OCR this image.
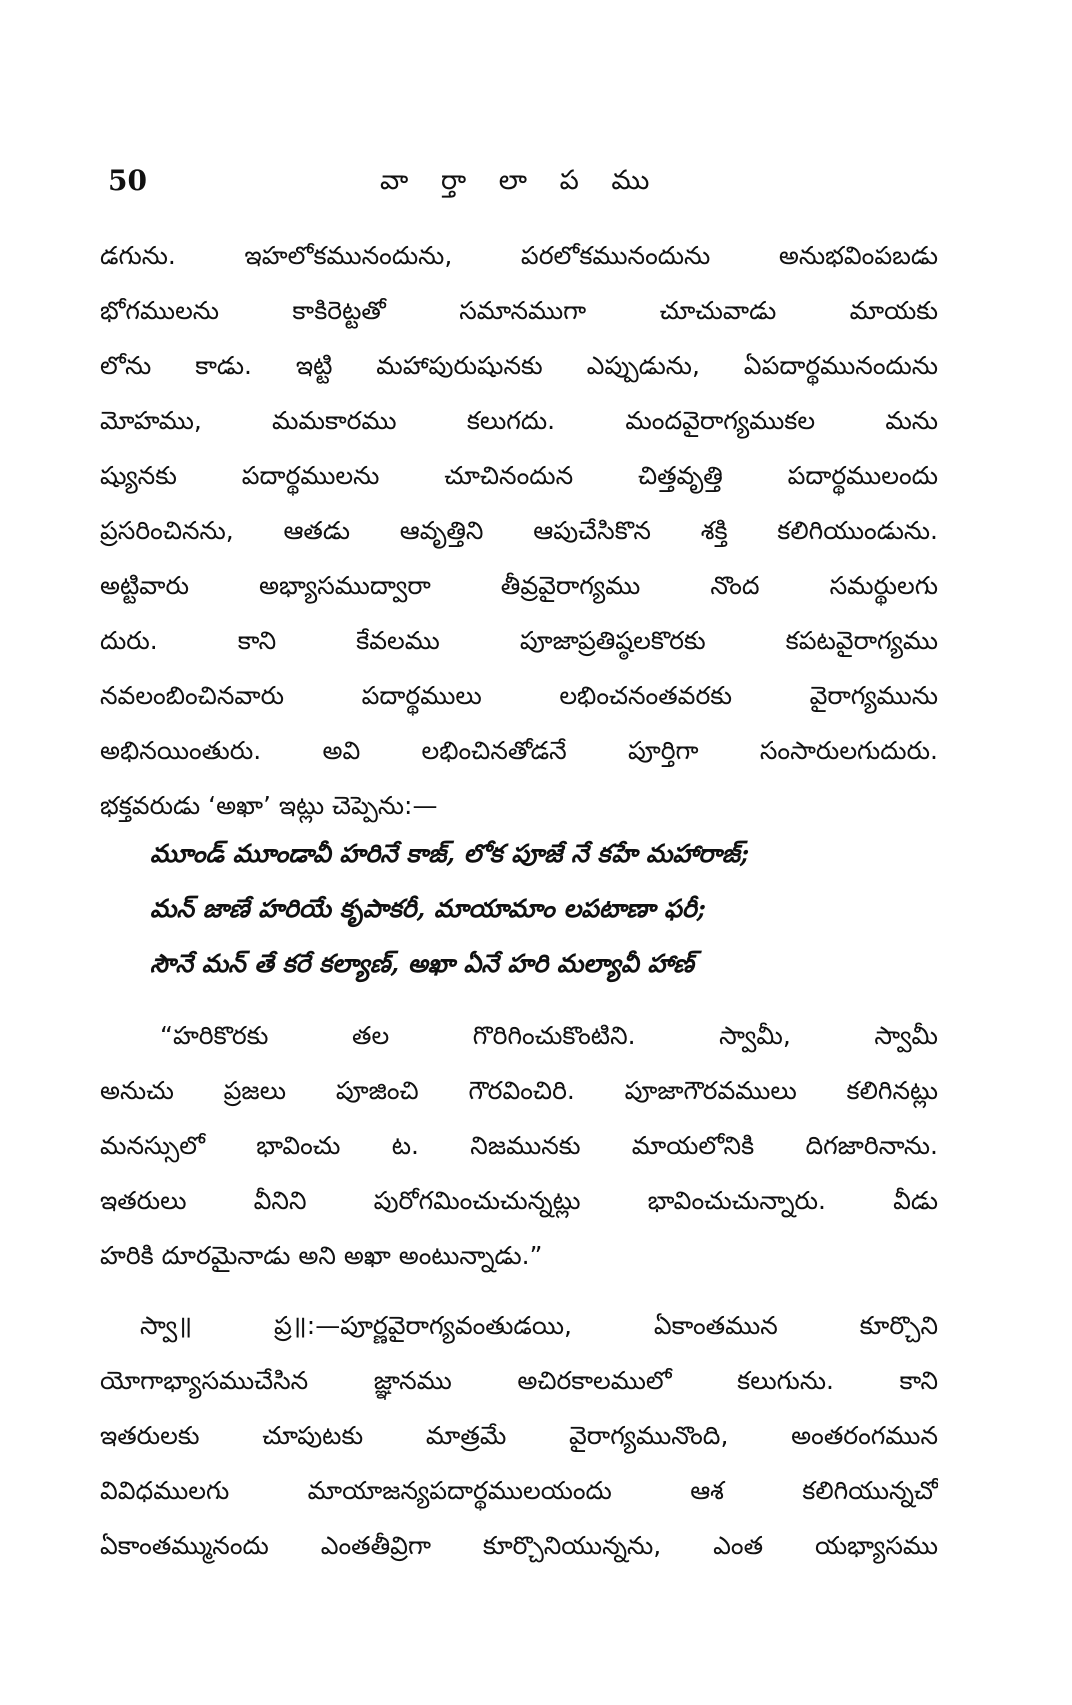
50	వా ర్తా లా ప ము
డగును. ఇహలోకమునందును, పరలోకమునందును అనుభవింపబడు
భోగములను కాకిరెట్టతో సమానముగా చూచువాడు మాయకు
లోను కాడు. ఇట్టి మహాపురుషునకు ఎప్పుడును, ఏపదార్థమునందును
మోహము, మమకారము కలుగదు. మందవైరాగ్యముకల మను
ష్యునకు పదార్థములను చూచినందున చిత్తవృత్తి పదార్థములందు
ప్రసరించినను, ఆతడు ఆవృత్తిని ఆపుచేసికొన శక్తి కలిగియుండును.
అట్టివారు అభ్యాసముద్వారా తీవ్రవైరాగ్యము నొంద సమర్థులగు
దురు. కాని కేవలము పూజాప్రతిష్ఠలకొరకు కపటవైరాగ్యము
నవలంబించినవారు పదార్థములు లభించనంతవరకు వైరాగ్యమును
అభినయింతురు. అవి లభించినతోడనే పూర్తిగా సంసారులగుదురు.
భక్తవరుడు ‘అఖా’ ఇట్లు చెప్పెను:—
మూండ్ మూండావీ హరినే కాజ్, లోక పూజే నే కహే మహారాజ్;
మన్ జాణే హరియే కృపాకరీ, మాయామాం లపటాణా ఫరీ;
సౌనే మన్ తే కరే కల్యాణ్, అఖా ఏనే హరి మల్యావీ హాణ్
“హరికొరకు తల గొరిగించుకొంటిని. స్వామీ, స్వామీ
అనుచు ప్రజలు పూజించి గౌరవించిరి. పూజాగౌరవములు కలిగినట్లు
మనస్సులో భావించు ట. నిజమునకు మాయలోనికి దిగజారినాను.
ఇతరులు వీనిని పురోగమించుచున్నట్లు భావించుచున్నారు. వీడు
హరికి దూరమైనాడు అని అఖా అంటున్నాడు.”
స్వా॥ ప్ర॥:—పూర్ణవైరాగ్యవంతుడయి, ఏకాంతమున కూర్చొని
యోగాభ్యాసముచేసిన జ్ఞానము అచిరకాలములో కలుగును. కాని
ఇతరులకు చూపుటకు మాత్రమే వైరాగ్యమునొంది, అంతరంగమున
వివిధములగు మాయాజన్యపదార్థములయందు ఆశ కలిగియున్నచో
ఏకాంతమ్మునందు ఎంతతీవ్రిగా కూర్చొనియున్నను, ఎంత యభ్యాసము
